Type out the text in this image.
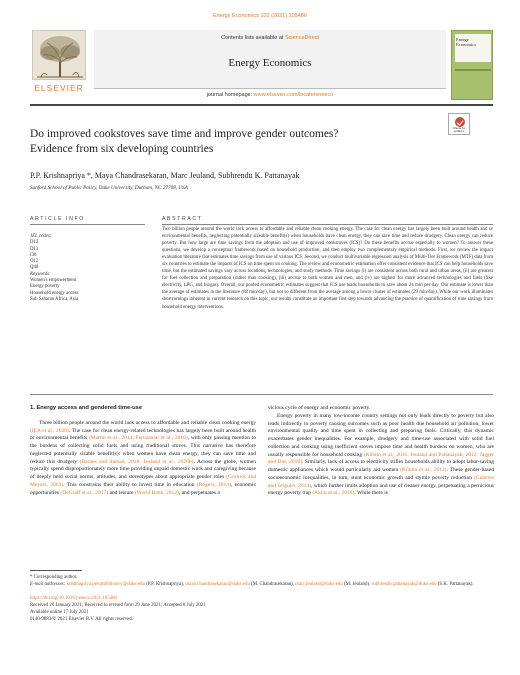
Energy Economics 102 (2021) 105486
ELSEVIER
Contents lists available at ScienceDirect
Energy Economics
journal homepage: www.elsevier.com/locate/eneeco
Energy
Economics
Check for
updates
Do improved cookstoves save time and improve gender outcomes?
Evidence from six developing countries
P.P. Krishnapriya *, Maya Chandrasekaran, Marc Jeuland, Subhrendu K. Pattanayak
Sanford School of Public Policy, Duke University, Durham, NC 27708, USA
ARTICLE INFO	ABSTRACT
JEL codes:
D12
D13
I30
O12
Q40
Keywords:
Women's empowerment
Energy poverty
Household energy access
Sub Saharan Africa, Asia
Two billion people around the world lack access to affordable and reliable clean cooking energy. The case for clean energy has largely been built around health and or environmental benefits, neglecting potentially sizeable benefit(s) when households have clean energy, they can save time and reduce drudgery. Clean energy can reduce poverty. But how large are time savings from the adoption and use of improved cookstoves (ICS)? Do these benefits accrue especially to women? To answer these questions, we develop a conceptual framework based on household production, and then employ two complementary empirical methods. First, we review the impact evaluation literature that estimates time savings from use of various ICS. Second, we conduct multivariable regression analysis of Multi-Tier Framework (MTF) data from six countries to estimate the impacts of ICS on time spent on cooking. The review and econometric estimation offer consistent evidence that ICS can help households save time, but the estimated savings vary across locations, technologies, and study methods. Time savings (i) are consistent across both rural and urban areas, (ii) are greatest for fuel collection and preparation (rather than cooking), (iii) accrue to both women and men, and (iv) are highest for more advanced technologies and fuels (like electricity, LPG, and biogas). Overall, our pooled econometric estimates suggest that ICS use leads households to save about 24 min per day. Our estimate is lower than the average of estimates in the literature (88 min/day), but not so different from the average among a lower cluster of estimates (29 min/day). While our work illuminates shortcomings inherent in current research on this topic, our results constitute an important first step towards advancing the practice of quantification of time savings from household energy interventions.
1. Energy access and gendered time-use

Three billion people around the world lack access to affordable and reliable clean cooking energy (IEA et al., 2020). The case for clean energy-related technologies has largely been built around health or environmental benefits (Martin et al., 2014; Feruzaniar et al., 2016), with only passing mention to the burdens of collecting solid fuels and using traditional stoves. This narrative has therefore neglected potentially sizable benefit(s): when women have clean energy, they can save time and reduce this drudgery (Barnes and Samad, 2018; Jeuland et al., 2020b). Across the globe, women typically spend disproportionately more time providing unpaid domestic work and caregiving because of deeply held social norms, attitudes, and stereotypes about appropriate gender roles (Gornick and Meyers, 2003). This constrains their ability to invest time in education (Rogers, 2014), economic opportunities (DeGraff et al., 2017) and leisure (World Bank, 2012), and perpetuates a

vicious cycle of energy and economic poverty.

Energy poverty in many low-income country settings not only leads directly to poverty but also leads indirectly to poverty causing outcomes such as poor health due household air pollution, lower environmental quality and time spent in collecting and preparing fuels. Critically, this dynamic exacerbates gender inequalities. For example, drudgery and time-use associated with solid fuel collection and cooking using inefficient stoves impose time and health burdens on women, who are usually responsible for household cooking (Köhlin et al., 2011; Jeuland and Pattanayak, 2012; Jagger and Das, 2018). Similarly, lack of access to electricity stifles households ability to adopt labor-saving domestic appliances which would particularly aid women (Köhlin et al., 2011). These gender-based socioeconomic inequalities, in turn, stunt economic growth and stymie poverty reduction (Cuberes and Teignier, 2014), which further limits adoption and use of cleaner energy, perpetuating a pernicious energy poverty trap (Aklin et al., 2018). While there is

* Corresponding author.
E-mail addresses: krishnapriya.perumbillissery@duke.edu (P.P. Krishnapriya), maya.chandrasekaran@duke.edu (M. Chandrasekaran), marc.jeuland@duke.edu (M. Jeuland), subhrendu.pattanayak@duke.edu (S.K. Pattanayak).
https://doi.org/10.1016/j.eneco.2021.105486
Received 20 January 2021; Received in revised form 29 June 2021; Accepted 8 July 2021
Available online 17 July 2021
0140-9883/© 2021 Elsevier B.V. All rights reserved.
